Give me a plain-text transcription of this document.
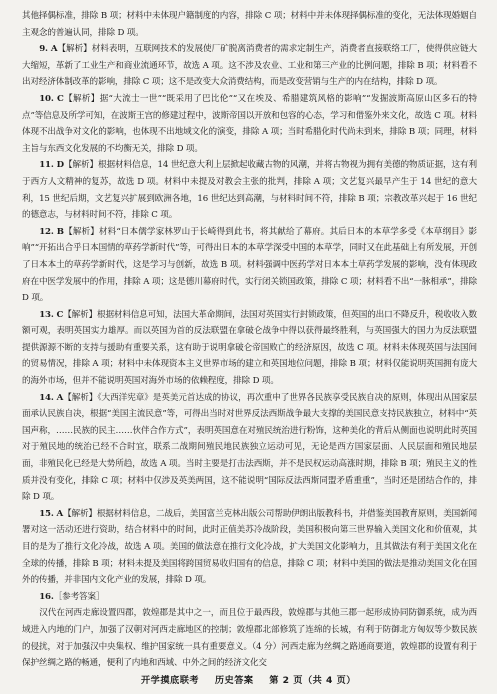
其他择偶标准，排除 B 项；材料中未体现户籍制度的内容，排除 C 项；材料中并未体现择偶标准的变化，无法体现婚姻自主观念的普遍认同，排除 D 项。

9. A【解析】材料表明，互联网技术的发展使厂矿脱离消费者的需求定制生产，消费者直接联络工厂，使得供应链大大缩短，革新了工业生产和商业流通环节，故选 A 项。这不涉及农业、工业和第三产业的比例问题，排除 B 项；材料看不出对经济体制改革的影响，排除 C 项；这不是改变大众消费结构，而是改变营销与生产的内在结构，排除 D 项。

10. C【解析】据“大流士一世”“既采用了巴比伦”“又在埃及、希腊建筑风格的影响”“发掘波斯高原山区多石的特点”等信息及所学可知，在波斯王宫的修建过程中，波斯帝国以开放和包容的心态，学习和借鉴外来文化，故选 C 项。材料体现不出战争对文化的影响，也体现不出地域文化的演变，排除 A 项；当时希腊化时代尚未到来，排除 B 项；同理，材料主旨与东西文化发展的不均衡无关，排除 D 项。

11. D【解析】根据材料信息，14 世纪意大利上层掀起收藏古物的风潮，并将古物视为拥有美德的物质证据，这有利于西方人文精神的复苏，故选 D 项。材料中未提及对教会主张的批判，排除 A 项；文艺复兴最早产生于 14 世纪的意大利，15 世纪后期，文艺复兴扩展到欧洲各地，16 世纪达到高潮，与材料时间不符，排除 B 项；宗教改革兴起于 16 世纪的德意志，与材料时间不符，排除 C 项。

12. B【解析】材料“日本儒学家林罗山于长崎得到此书，将其献给了幕府。其后日本的本草学多受《本草纲目》影响”“开拓出合乎日本国情的草药学新时代”等，可得出日本的本草学深受中国的本草学，同时又在此基础上有所发展，开创了日本本土的草药学新时代，这是学习与创新，故选 B 项。材料强调中医药学对日本本土草药学发展的影响，没有体现政府在中医学发展中的作用，排除 A 项；这是德川幕府时代，实行闭关锁国政策，排除 C 项；材料看不出“一脉相承”，排除 D 项。

13. C【解析】根据材料信息可知，法国大革命期间，法国对英国实行封锁政策，但英国的出口不降反升，税收收入数额可观，表明英国实力雄厚。而以英国为首的反法联盟在拿破仑战争中得以获得最终胜利，与英国强大的国力为反法联盟提供源源不断的支持与援助有重要关系，这有助于说明拿破仑帝国败亡的经济原因，故选 C 项。材料未体现英国与法国间的贸易情况，排除 A 项；材料中未体现资本主义世界市场的建立和英国地位问题，排除 B 项；材料仅能说明英国拥有庞大的海外市场，但并不能说明英国对海外市场的依赖程度，排除 D 项。

14. A【解析】《大西洋宪章》是英美元首达成的协议，再次重申了世界各民族享受民族自决的原则，体现出从国家层面承认民族自决，根据“美国主流民意”等，可得出当时对世界反法西斯战争最大支撑的美国民意支持民族独立，材料中“英国声称，……民族的民主……伙伴合作方式”，表明英国意在对殖民统治进行粉饰，这种美化的背后从侧面也说明此时英国对于殖民地的统治已经不合时宜，联系二战期间殖民地民族独立运动可见，无论是西方国家层面、人民层面和殖民地层面，非殖民化已经是大势所趋，故选 A 项。当时主要是打击法西斯，并不是民权运动高涨时期，排除 B 项；殖民主义的性质并没有变化，排除 C 项；材料中仅涉及英美两国，这不能说明“国际反法西斯同盟矛盾重重”，当时还是团结合作的，排除 D 项。

15. A【解析】根据材料信息，二战后，美国富兰克林出版公司帮助伊朗出版教科书，并借鉴美国教育原则，美国新闻署对这一活动还进行资助，结合材料中的时间，此时正值美苏冷战阶段，美国积极向第三世界输入美国文化和价值观，其目的是为了推行文化冷战，故选 A 项。美国的做法意在推行文化冷战，扩大美国文化影响力，且其做法有利于美国文化在全球的传播，排除 B 项；材料未提及美国将跨国贸易收归国有的信息，排除 C 项；材料中美国的做法是推动美国文化在国外的传播，并非国内文化产业的发展，排除 D 项。

16.［参考答案］

汉代在河西走廊设置四郡，敦煌郡是其中之一，而且位于最西段，敦煌郡与其他三郡一起形成协同防御系统，成为西域进入内地的门户，加强了汉朝对河西走廊地区的控制；敦煌郡北部修筑了连绵的长城，有利于防御北方匈奴等少数民族的侵扰，对于加强汉中央集权、维护国家统一具有重要意义。（4 分）河西走廊为丝绸之路通商要道，敦煌郡的设置有利于保护丝绸之路的畅通，便利了内地和西域、中外之间的经济文化交

开学摸底联考 历史答案 第 2 页（共 4 页）
